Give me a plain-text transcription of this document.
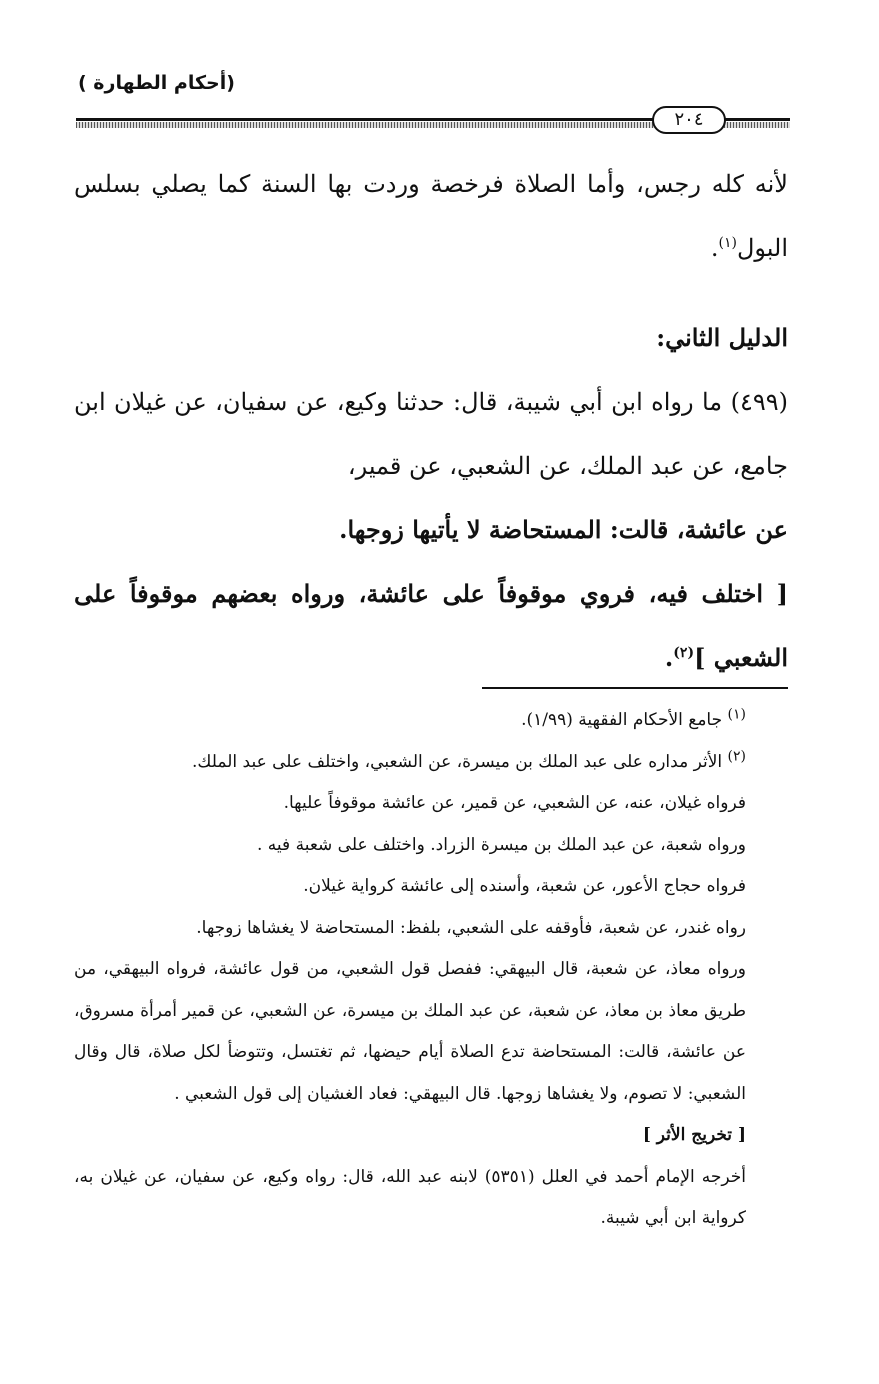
(أحكام الطهارة )
٢٠٤

لأنه كله رجس، وأما الصلاة فرخصة وردت بها السنة كما يصلي بسلس البول$^{(١)}$.

الدليل الثاني:

(٤٩٩) ما رواه ابن أبي شيبة، قال: حدثنا وكيع، عن سفيان، عن غيلان ابن جامع، عن عبد الملك، عن الشعبي، عن قمير،

عن عائشة، قالت: المستحاضة لا يأتيها زوجها.

[ اختلف فيه، فروي موقوفاً على عائشة، ورواه بعضهم موقوفاً على الشعبي ]$^{(٢)}$.

$^{(١)}$ جامع الأحكام الفقهية (١/٩٩).

$^{(٢)}$ الأثر مداره على عبد الملك بن ميسرة، عن الشعبي، واختلف على عبد الملك.

فرواه غيلان، عنه، عن الشعبي، عن قمير، عن عائشة موقوفاً عليها.

ورواه شعبة، عن عبد الملك بن ميسرة الزراد. واختلف على شعبة فيه .

فرواه حجاج الأعور، عن شعبة، وأسنده إلى عائشة كرواية غيلان.

رواه غندر، عن شعبة، فأوقفه على الشعبي، بلفظ: المستحاضة لا يغشاها زوجها.

ورواه معاذ، عن شعبة، قال البيهقي: ففصل قول الشعبي، من قول عائشة، فرواه البيهقي، من طريق معاذ بن معاذ، عن شعبة، عن عبد الملك بن ميسرة، عن الشعبي، عن قمير أمرأة مسروق، عن عائشة، قالت: المستحاضة تدع الصلاة أيام حيضها، ثم تغتسل، وتتوضأ لكل صلاة، قال وقال الشعبي: لا تصوم، ولا يغشاها زوجها. قال البيهقي: فعاد الغشيان إلى قول الشعبي .

[ تخريج الأثر ]

أخرجه الإمام أحمد في العلل (٥٣٥١) لابنه عبد الله، قال: رواه وكيع، عن سفيان، عن غيلان به، كرواية ابن أبي شيبة.
